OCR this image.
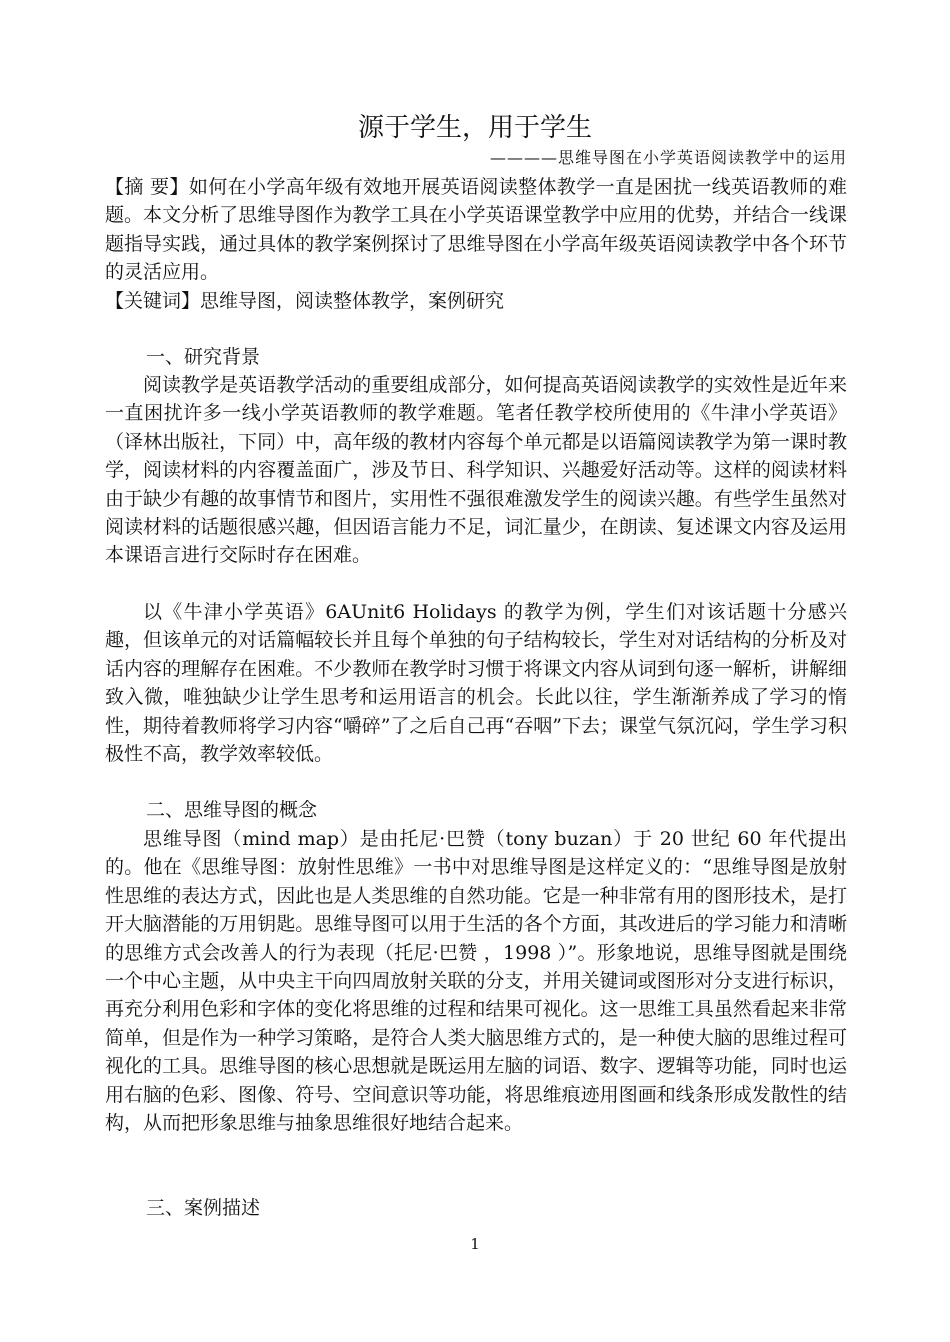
源于学生，用于学生
————思维导图在小学英语阅读教学中的运用

【摘 要】如何在小学高年级有效地开展英语阅读整体教学一直是困扰一线英语教师的难题。本文分析了思维导图作为教学工具在小学英语课堂教学中应用的优势，并结合一线课题指导实践，通过具体的教学案例探讨了思维导图在小学高年级英语阅读教学中各个环节的灵活应用。

【关键词】思维导图，阅读整体教学，案例研究

一、研究背景

阅读教学是英语教学活动的重要组成部分，如何提高英语阅读教学的实效性是近年来一直困扰许多一线小学英语教师的教学难题。笔者任教学校所使用的《牛津小学英语》（译林出版社，下同）中，高年级的教材内容每个单元都是以语篇阅读教学为第一课时教学，阅读材料的内容覆盖面广，涉及节日、科学知识、兴趣爱好活动等。这样的阅读材料由于缺少有趣的故事情节和图片，实用性不强很难激发学生的阅读兴趣。有些学生虽然对阅读材料的话题很感兴趣，但因语言能力不足，词汇量少，在朗读、复述课文内容及运用本课语言进行交际时存在困难。

以《牛津小学英语》6AUnit6 Holidays 的教学为例，学生们对该话题十分感兴趣，但该单元的对话篇幅较长并且每个单独的句子结构较长，学生对对话结构的分析及对话内容的理解存在困难。不少教师在教学时习惯于将课文内容从词到句逐一解析，讲解细致入微，唯独缺少让学生思考和运用语言的机会。长此以往，学生渐渐养成了学习的惰性，期待着教师将学习内容“嚼碎”了之后自己再“吞咽”下去；课堂气氛沉闷，学生学习积极性不高，教学效率较低。

二、思维导图的概念

思维导图（mind map）是由托尼·巴赞（tony buzan）于 20 世纪 60 年代提出的。他在《思维导图：放射性思维》一书中对思维导图是这样定义的：“思维导图是放射性思维的表达方式，因此也是人类思维的自然功能。它是一种非常有用的图形技术，是打开大脑潜能的万用钥匙。思维导图可以用于生活的各个方面，其改进后的学习能力和清晰的思维方式会改善人的行为表现（托尼·巴赞 ，1998 ）”。形象地说，思维导图就是围绕一个中心主题，从中央主干向四周放射关联的分支，并用关键词或图形对分支进行标识，再充分利用色彩和字体的变化将思维的过程和结果可视化。这一思维工具虽然看起来非常简单，但是作为一种学习策略，是符合人类大脑思维方式的，是一种使大脑的思维过程可视化的工具。思维导图的核心思想就是既运用左脑的词语、数字、逻辑等功能，同时也运用右脑的色彩、图像、符号、空间意识等功能，将思维痕迹用图画和线条形成发散性的结构，从而把形象思维与抽象思维很好地结合起来。

三、案例描述
1
